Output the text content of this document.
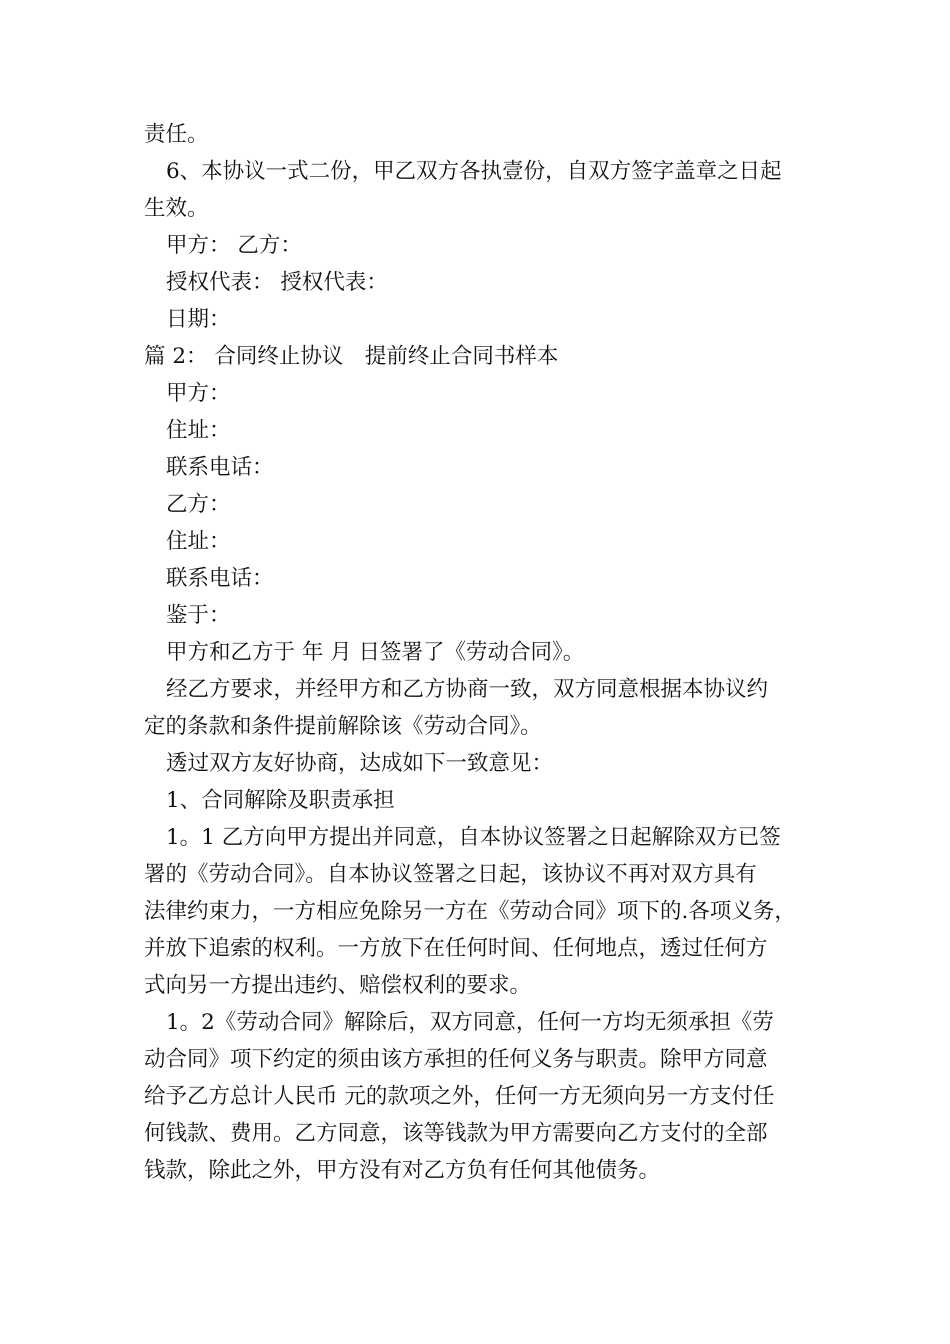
责任。
6、本协议一式二份，甲乙双方各执壹份，自双方签字盖章之日起
生效。
甲方： 乙方：
授权代表： 授权代表：
日期：
篇 2： 合同终止协议　提前终止合同书样本
甲方：
住址：
联系电话：
乙方：
住址：
联系电话：
鉴于：
甲方和乙方于 年 月 日签署了《劳动合同》。
经乙方要求，并经甲方和乙方协商一致，双方同意根据本协议约
定的条款和条件提前解除该《劳动合同》。
透过双方友好协商，达成如下一致意见：
1、合同解除及职责承担
1。1 乙方向甲方提出并同意，自本协议签署之日起解除双方已签
署的《劳动合同》。自本协议签署之日起，该协议不再对双方具有
法律约束力，一方相应免除另一方在《劳动合同》项下的.各项义务，
并放下追索的权利。一方放下在任何时间、任何地点，透过任何方
式向另一方提出违约、赔偿权利的要求。
1。2《劳动合同》解除后，双方同意，任何一方均无须承担《劳
动合同》项下约定的须由该方承担的任何义务与职责。除甲方同意
给予乙方总计人民币 元的款项之外，任何一方无须向另一方支付任
何钱款、费用。乙方同意，该等钱款为甲方需要向乙方支付的全部
钱款，除此之外，甲方没有对乙方负有任何其他债务。
